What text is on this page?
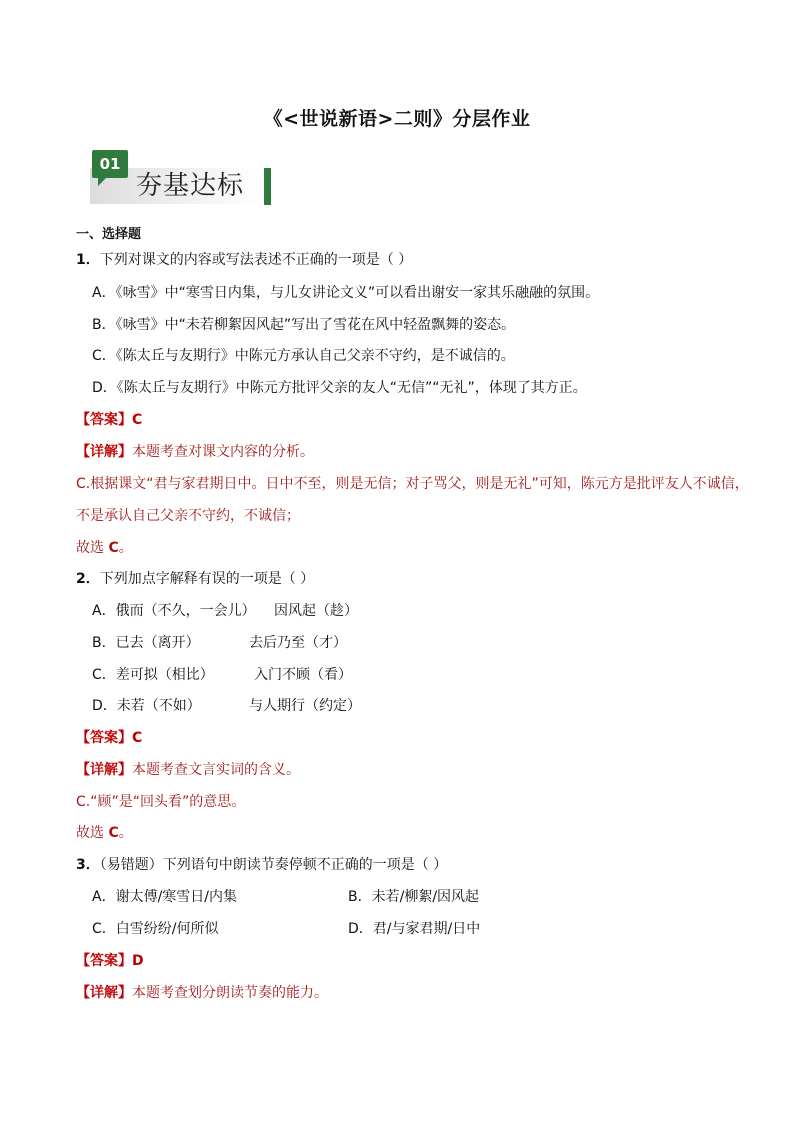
《<世说新语>二则》分层作业
01
夯基达标
一、选择题
1．下列对课文的内容或写法表述不正确的一项是（ ）
A．《咏雪》中“寒雪日内集，与儿女讲论文义”可以看出谢安一家其乐融融的氛围。
B．《咏雪》中“未若柳絮因风起”写出了雪花在风中轻盈飘舞的姿态。
C．《陈太丘与友期行》中陈元方承认自己父亲不守约，是不诚信的。
D．《陈太丘与友期行》中陈元方批评父亲的友人“无信”“无礼”，体现了其方正。
【答案】C
【详解】本题考查对课文内容的分析。
C.根据课文“君与家君期日中。日中不至，则是无信；对子骂父，则是无礼”可知，陈元方是批评友人不诚信，
不是承认自己父亲不守约，不诚信；
故选 C。
2．下列加点字解释有误的一项是（ ）
A．俄而（不久，一会儿） 因风起（趁）
B．已去（离开）	去后乃至（才）
C．差可拟（相比）	入门不顾（看）
D．未若（不如）	与人期行（约定）
【答案】C
【详解】本题考查文言实词的含义。
C.“顾”是“回头看”的意思。
故选 C。
3．（易错题）下列语句中朗读节奏停顿不正确的一项是（ ）
A．谢太傅/寒雪日/内集	B．未若/柳絮/因风起
C．白雪纷纷/何所似	D．君/与家君期/日中
【答案】D
【详解】本题考查划分朗读节奏的能力。
